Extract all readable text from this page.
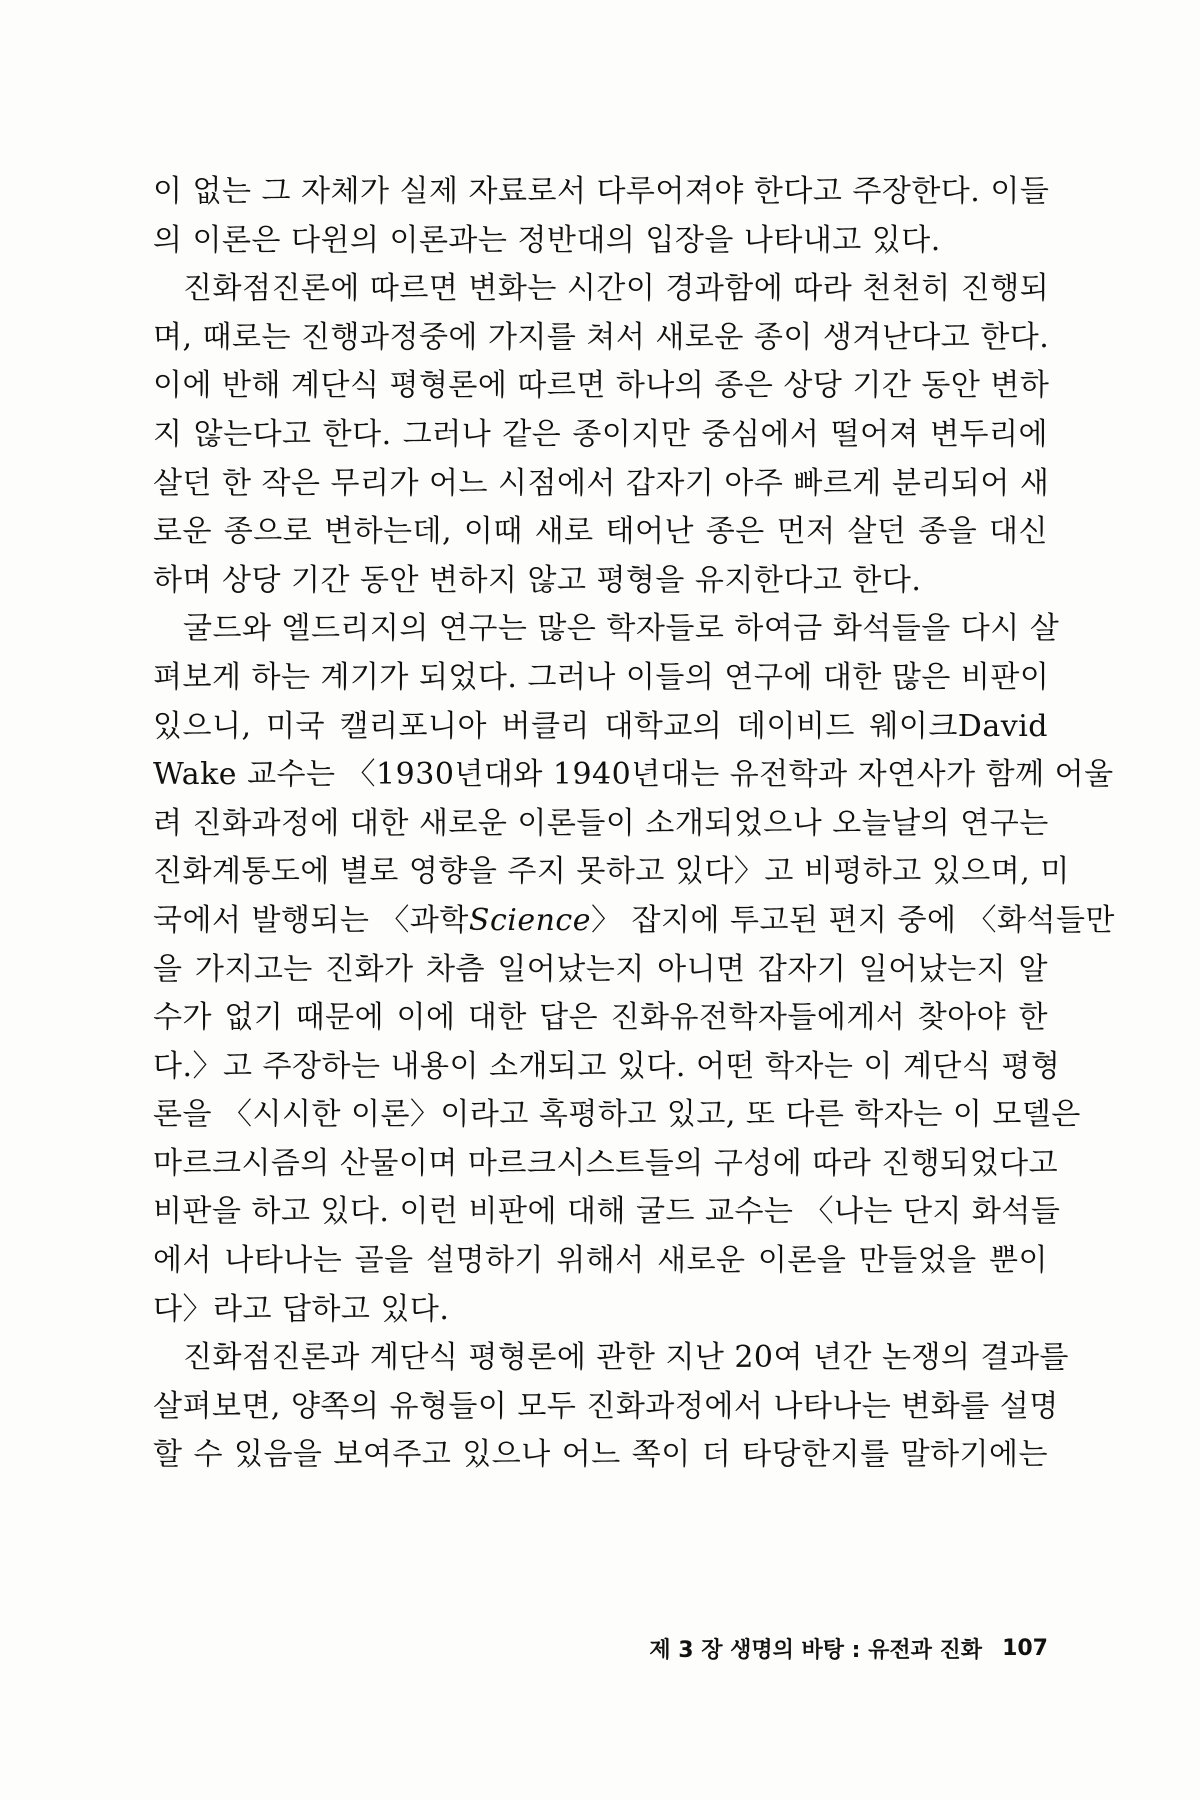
이 없는 그 자체가 실제 자료로서 다루어져야 한다고 주장한다. 이들
의 이론은 다윈의 이론과는 정반대의 입장을 나타내고 있다.
진화점진론에 따르면 변화는 시간이 경과함에 따라 천천히 진행되
며, 때로는 진행과정중에 가지를 쳐서 새로운 종이 생겨난다고 한다.
이에 반해 계단식 평형론에 따르면 하나의 종은 상당 기간 동안 변하
지 않는다고 한다. 그러나 같은 종이지만 중심에서 떨어져 변두리에
살던 한 작은 무리가 어느 시점에서 갑자기 아주 빠르게 분리되어 새
로운 종으로 변하는데, 이때 새로 태어난 종은 먼저 살던 종을 대신
하며 상당 기간 동안 변하지 않고 평형을 유지한다고 한다.
굴드와 엘드리지의 연구는 많은 학자들로 하여금 화석들을 다시 살
펴보게 하는 계기가 되었다. 그러나 이들의 연구에 대한 많은 비판이
있으니, 미국 캘리포니아 버클리 대학교의 데이비드 웨이크David
Wake 교수는 〈1930년대와 1940년대는 유전학과 자연사가 함께 어울
려 진화과정에 대한 새로운 이론들이 소개되었으나 오늘날의 연구는
진화계통도에 별로 영향을 주지 못하고 있다〉고 비평하고 있으며, 미
국에서 발행되는 〈과학Science〉 잡지에 투고된 편지 중에 〈화석들만
을 가지고는 진화가 차츰 일어났는지 아니면 갑자기 일어났는지 알
수가 없기 때문에 이에 대한 답은 진화유전학자들에게서 찾아야 한
다.〉고 주장하는 내용이 소개되고 있다. 어떤 학자는 이 계단식 평형
론을 〈시시한 이론〉이라고 혹평하고 있고, 또 다른 학자는 이 모델은
마르크시즘의 산물이며 마르크시스트들의 구성에 따라 진행되었다고
비판을 하고 있다. 이런 비판에 대해 굴드 교수는 〈나는 단지 화석들
에서 나타나는 골을 설명하기 위해서 새로운 이론을 만들었을 뿐이
다〉라고 답하고 있다.
진화점진론과 계단식 평형론에 관한 지난 20여 년간 논쟁의 결과를
살펴보면, 양쪽의 유형들이 모두 진화과정에서 나타나는 변화를 설명
할 수 있음을 보여주고 있으나 어느 쪽이 더 타당한지를 말하기에는
제 3 장 생명의 바탕 : 유전과 진화 107
